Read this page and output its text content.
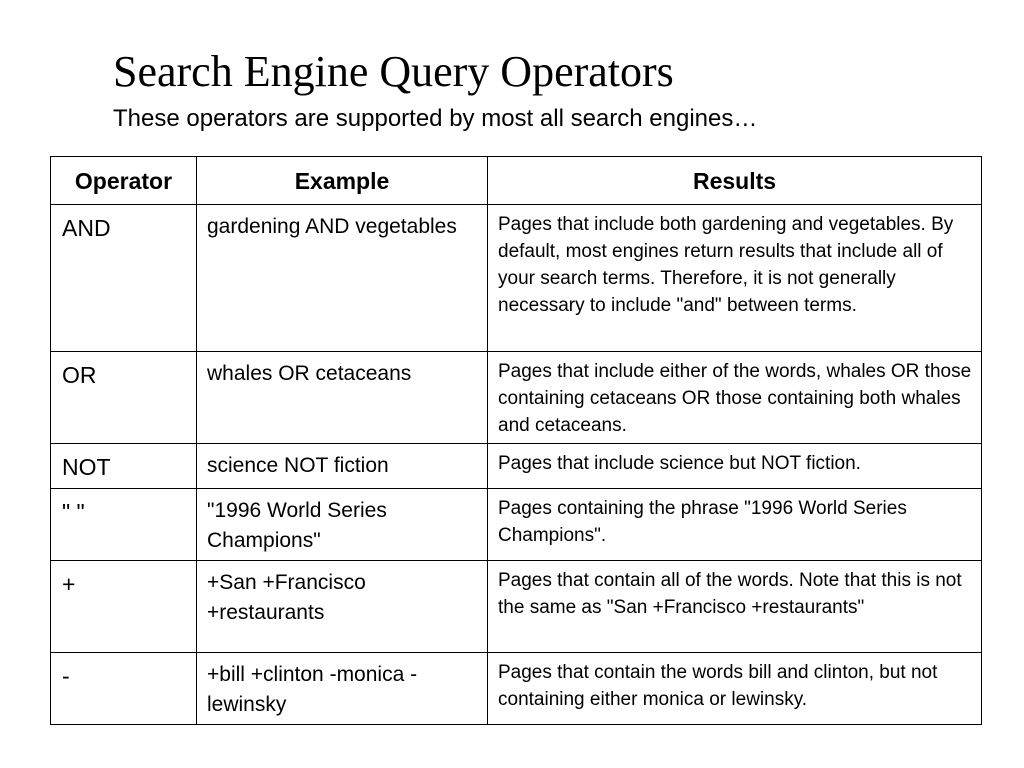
Search Engine Query Operators
These operators are supported by most all search engines…
Operator	Example	Results
AND	gardening AND vegetables	Pages that include both gardening and vegetables. By default, most engines return results that include all of your search terms. Therefore, it is not generally necessary to include "and" between terms.
OR	whales OR cetaceans	Pages that include either of the words, whales OR those containing cetaceans OR those containing both whales and cetaceans.
NOT	science NOT fiction	Pages that include science but NOT fiction.
" "	"1996 World Series Champions"	Pages containing the phrase "1996 World Series Champions".
+	+San +Francisco +restaurants	Pages that contain all of the words. Note that this is not the same as "San +Francisco +restaurants"
-	+bill +clinton -monica -lewinsky	Pages that contain the words bill and clinton, but not containing either monica or lewinsky.
